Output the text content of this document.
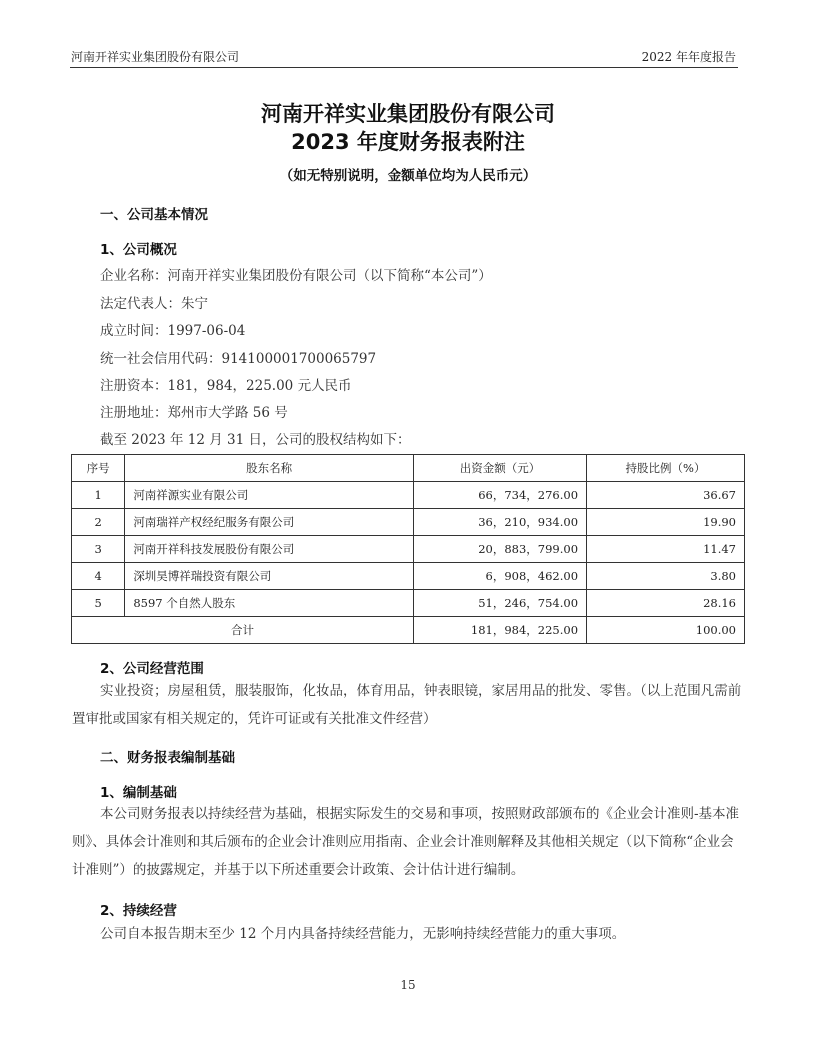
河南开祥实业集团股份有限公司	2022 年年度报告
河南开祥实业集团股份有限公司
2023 年度财务报表附注
（如无特别说明，金额单位均为人民币元）
一、公司基本情况
1、公司概况
企业名称：河南开祥实业集团股份有限公司（以下简称“本公司”）
法定代表人：朱宁
成立时间：1997-06-04
统一社会信用代码：914100001700065797
注册资本：181，984，225.00 元人民币
注册地址：郑州市大学路 56 号
截至 2023 年 12 月 31 日，公司的股权结构如下：
序号	股东名称	出资金额（元）	持股比例（%）
1	河南祥源实业有限公司	66，734，276.00	36.67
2	河南瑞祥产权经纪服务有限公司	36，210，934.00	19.90
3	河南开祥科技发展股份有限公司	20，883，799.00	11.47
4	深圳昊博祥瑞投资有限公司	6，908，462.00	3.80
5	8597 个自然人股东	51，246，754.00	28.16
合计		181，984，225.00	100.00
2、公司经营范围
实业投资；房屋租赁，服装服饰，化妆品，体育用品，钟表眼镜，家居用品的批发、零售。（以上范围凡需前置审批或国家有相关规定的，凭许可证或有关批准文件经营）
二、财务报表编制基础
1、编制基础
本公司财务报表以持续经营为基础，根据实际发生的交易和事项，按照财政部颁布的《企业会计准则-基本准则》、具体会计准则和其后颁布的企业会计准则应用指南、企业会计准则解释及其他相关规定（以下简称“企业会计准则”）的披露规定，并基于以下所述重要会计政策、会计估计进行编制。
2、持续经营
公司自本报告期末至少 12 个月内具备持续经营能力，无影响持续经营能力的重大事项。
15
